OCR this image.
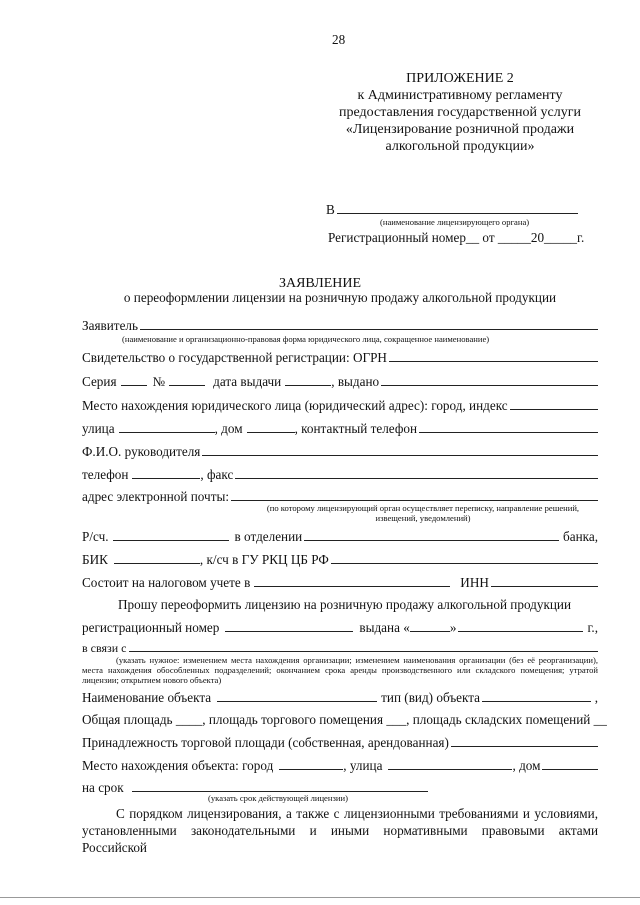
28
ПРИЛОЖЕНИЕ 2
к Административному регламенту
предоставления государственной услуги
«Лицензирование розничной продажи
алкогольной продукции»
В
(наименование лицензирующего органа)
Регистрационный номер__ от _____20_____г.
ЗАЯВЛЕНИЕ
о переоформлении лицензии на розничную продажу алкогольной продукции
Заявитель
(наименование и организационно-правовая форма юридического лица, сокращенное наименование)
Свидетельство о государственной регистрации: ОГРН
Серия	№	дата выдачи	, выдано
Место нахождения юридического лица (юридический адрес): город, индекс
улица	, дом	, контактный телефон
Ф.И.О. руководителя
телефон	, факс
адрес электронной почты:
(по которому лицензирующий орган осуществляет переписку, направление решений, извещений, уведомлений)
Р/сч.	в отделении	банка,
БИК	, к/сч в ГУ РКЦ ЦБ РФ
Состоит на налоговом учете в	ИНН
Прошу переоформить лицензию на розничную продажу алкогольной продукции
регистрационный номер	выдана «	»	г.,
в связи с
(указать нужное: изменением места нахождения организации; изменением наименования организации (без её реорганизации), места нахождения обособленных подразделений; окончанием срока аренды производственного или складского помещения; утратой лицензии; открытием нового объекта)
Наименование объекта	тип (вид) объекта	,
Общая площадь ____, площадь торгового помещения ___, площадь складских помещений __
Принадлежность торговой площади (собственная, арендованная)
Место нахождения объекта: город	, улица	, дом
на срок
(указать срок действующей лицензии)
С порядком лицензирования, а также с лицензионными требованиями и условиями, установленными законодательными и иными нормативными правовыми актами Российской
